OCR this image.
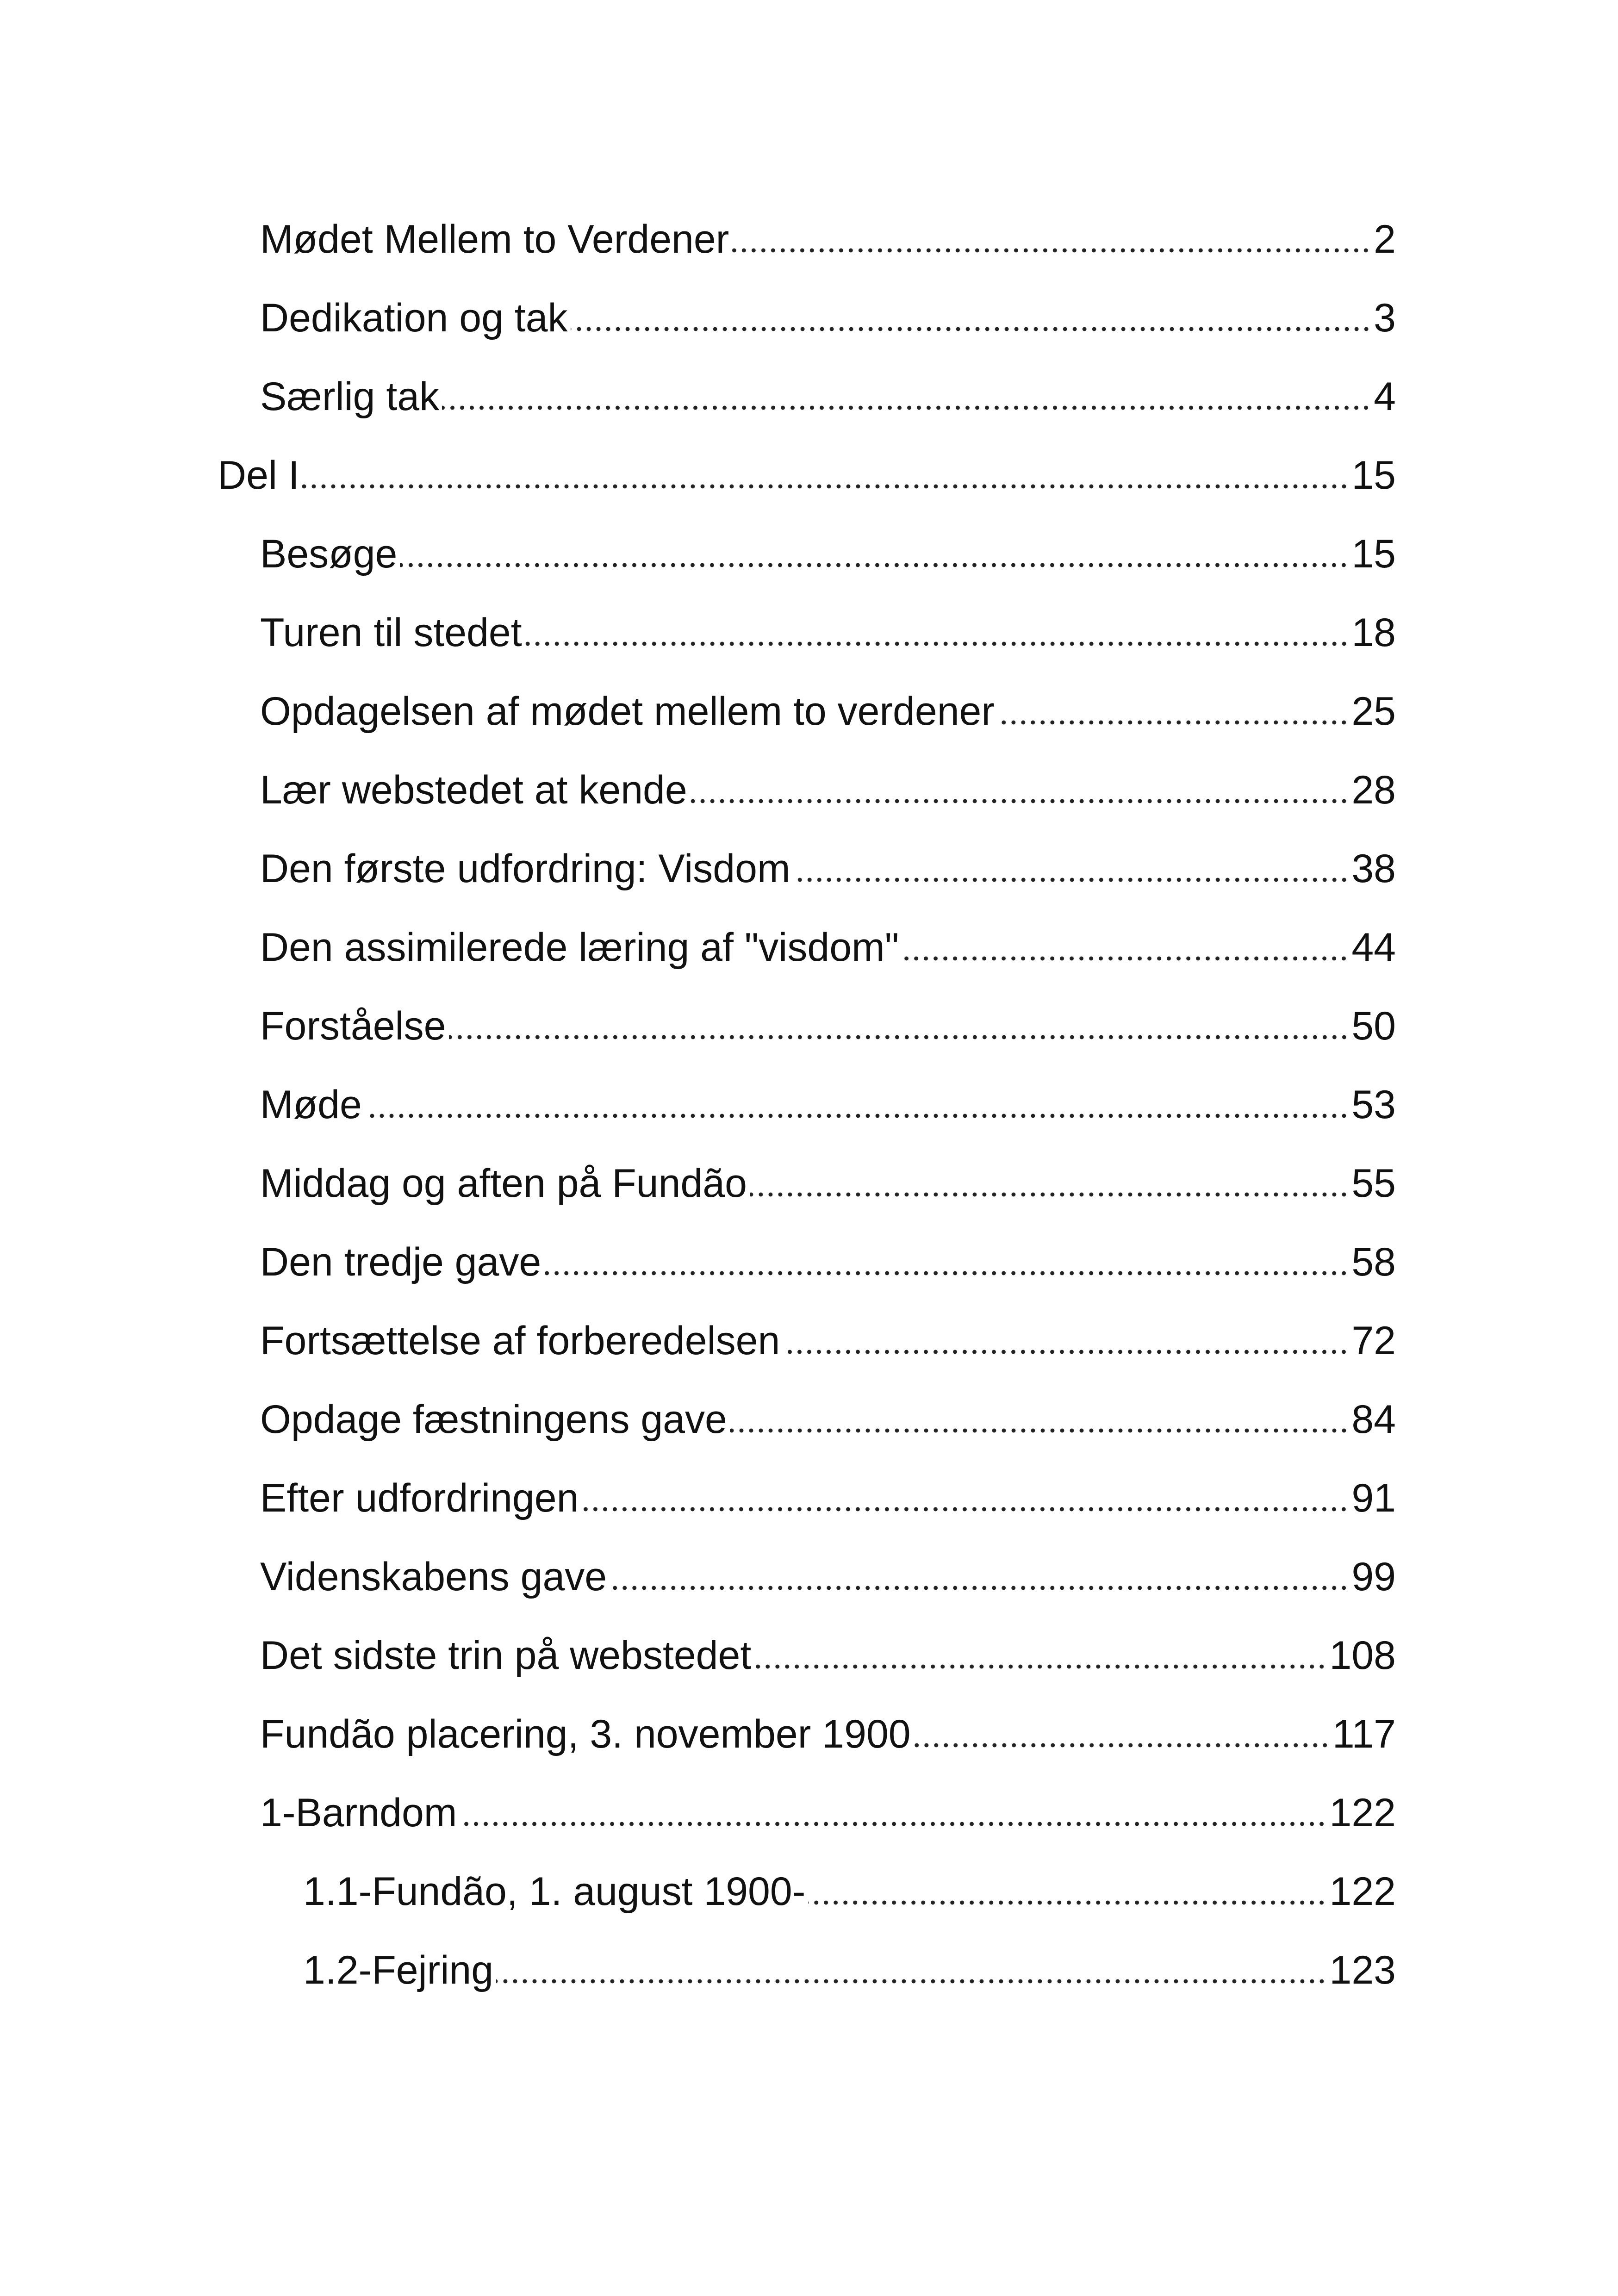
Mødet Mellem to Verdener	2
Dedikation og tak	3
Særlig tak	4
Del I	15
Besøge	15
Turen til stedet	18
Opdagelsen af mødet mellem to verdener	25
Lær webstedet at kende	28
Den første udfordring: Visdom	38
Den assimilerede læring af "visdom"	44
Forståelse	50
Møde	53
Middag og aften på Fundão	55
Den tredje gave	58
Fortsættelse af forberedelsen	72
Opdage fæstningens gave	84
Efter udfordringen	91
Videnskabens gave	99
Det sidste trin på webstedet	108
Fundão placering, 3. november 1900	117
1-Barndom	122
1.1-Fundão, 1. august 1900-	122
1.2-Fejring	123
